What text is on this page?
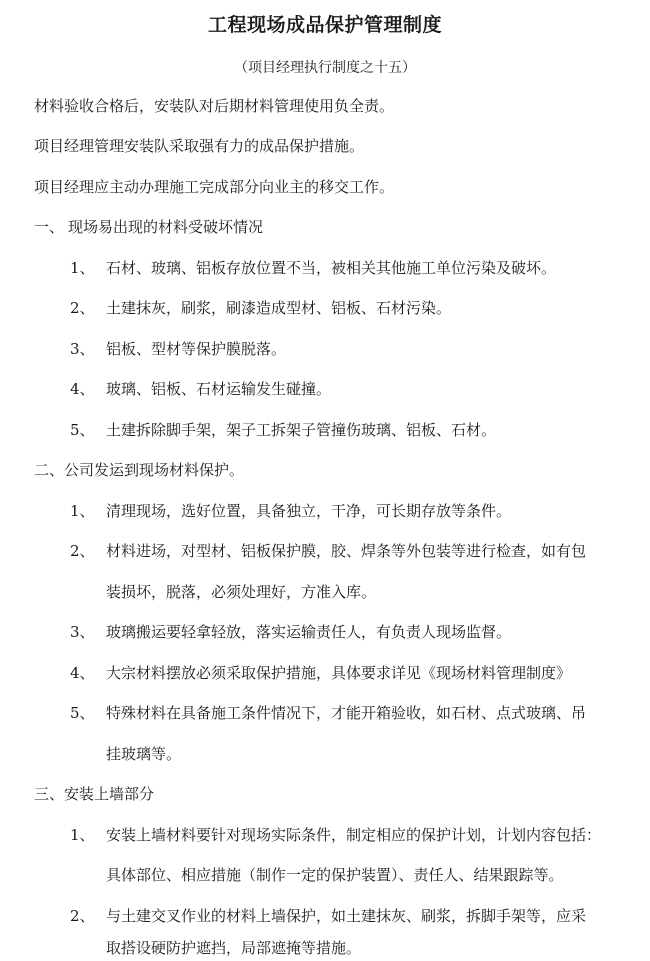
工程现场成品保护管理制度
（项目经理执行制度之十五）
材料验收合格后，安装队对后期材料管理使用负全责。
项目经理管理安装队采取强有力的成品保护措施。
项目经理应主动办理施工完成部分向业主的移交工作。
一、 现场易出现的材料受破坏情况
1、 石材、玻璃、铝板存放位置不当，被相关其他施工单位污染及破坏。
2、 土建抹灰，刷浆，刷漆造成型材、铝板、石材污染。
3、 铝板、型材等保护膜脱落。
4、 玻璃、铝板、石材运输发生碰撞。
5、 土建拆除脚手架，架子工拆架子管撞伤玻璃、铝板、石材。
二、公司发运到现场材料保护。
1、 清理现场，选好位置，具备独立，干净，可长期存放等条件。
2、 材料进场，对型材、铝板保护膜，胶、焊条等外包装等进行检查，如有包
装损坏，脱落，必须处理好，方准入库。
3、 玻璃搬运要轻拿轻放，落实运输责任人，有负责人现场监督。
4、 大宗材料摆放必须采取保护措施，具体要求详见《现场材料管理制度》
5、 特殊材料在具备施工条件情况下，才能开箱验收，如石材、点式玻璃、吊
挂玻璃等。
三、安装上墙部分
1、 安装上墙材料要针对现场实际条件，制定相应的保护计划，计划内容包括：
具体部位、相应措施（制作一定的保护装置）、责任人、结果跟踪等。
2、 与土建交叉作业的材料上墙保护，如土建抹灰、刷浆，拆脚手架等，应采
取搭设硬防护遮挡，局部遮掩等措施。
